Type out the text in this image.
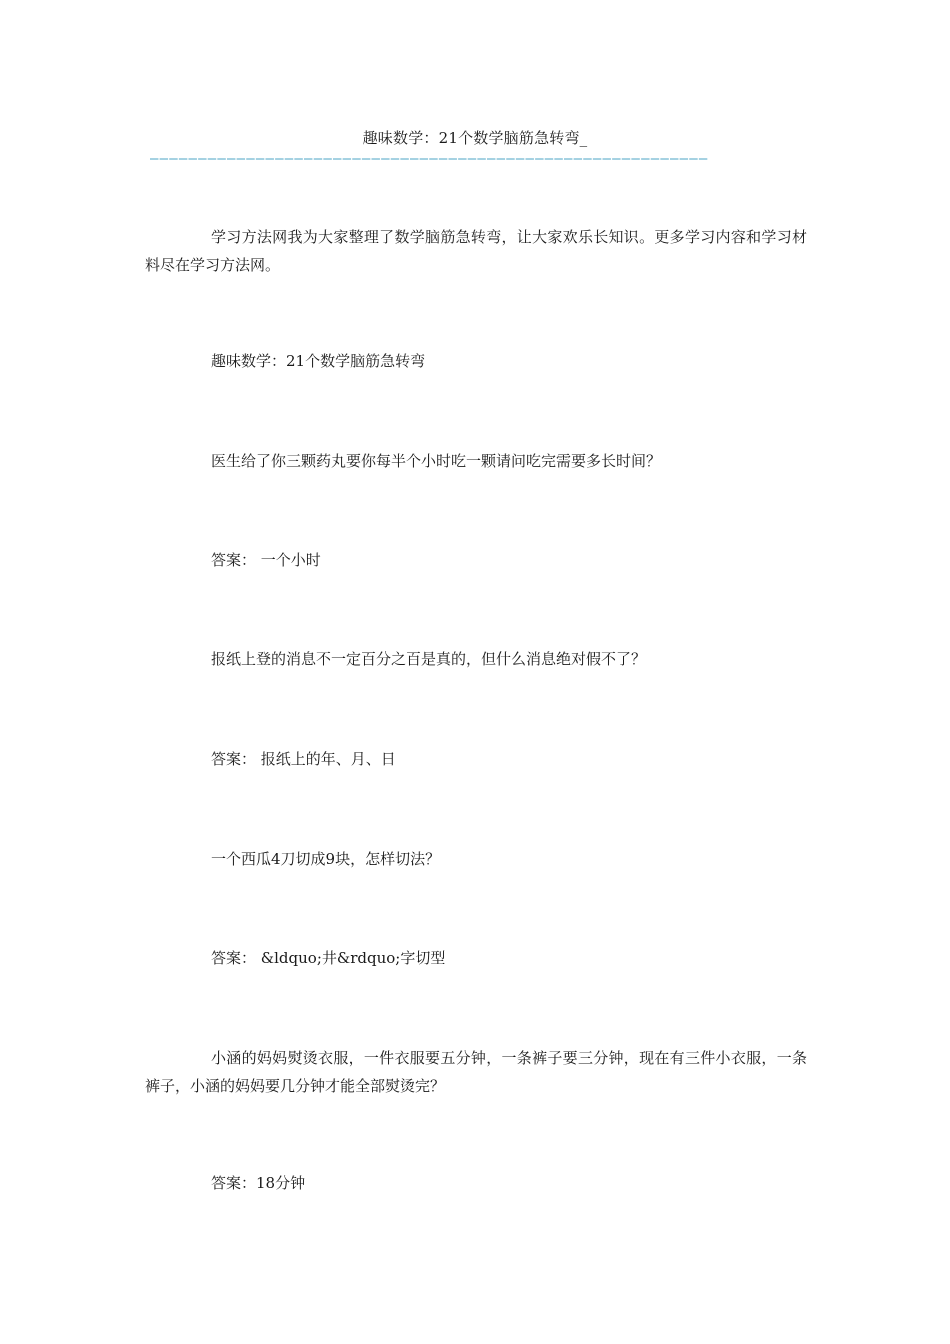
趣味数学：21个数学脑筋急转弯_
——————————————————————————————————————————————————————————

学习方法网我为大家整理了数学脑筋急转弯，让大家欢乐长知识。更多学习内容和学习材料尽在学习方法网。

趣味数学：21个数学脑筋急转弯

医生给了你三颗药丸要你每半个小时吃一颗请问吃完需要多长时间？

答案： 一个小时

报纸上登的消息不一定百分之百是真的，但什么消息绝对假不了？

答案： 报纸上的年、月、日

一个西瓜4刀切成9块，怎样切法？

答案： &ldquo;井&rdquo;字切型

小涵的妈妈熨烫衣服，一件衣服要五分钟，一条裤子要三分钟，现在有三件小衣服，一条裤子，小涵的妈妈要几分钟才能全部熨烫完？

答案：18分钟
